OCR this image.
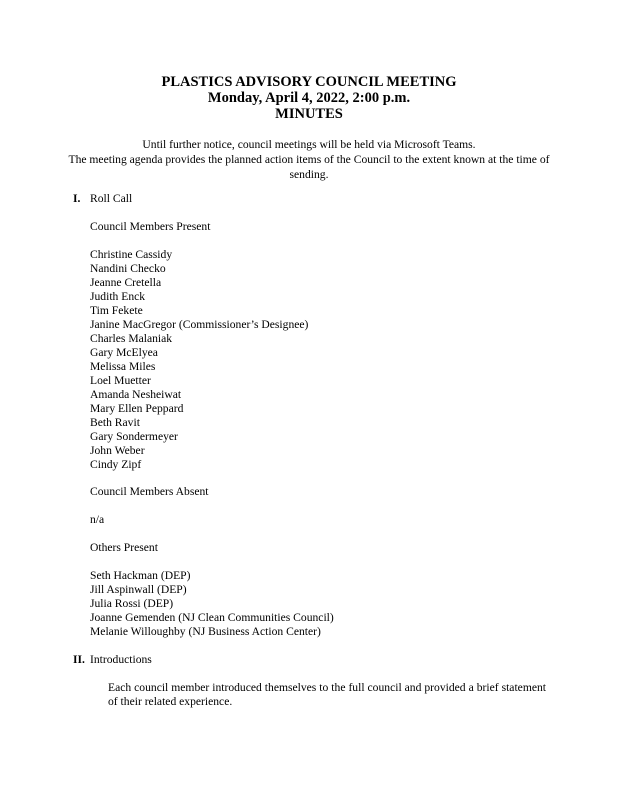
PLASTICS ADVISORY COUNCIL MEETING
Monday, April 4, 2022, 2:00 p.m.
MINUTES
Until further notice, council meetings will be held via Microsoft Teams.
The meeting agenda provides the planned action items of the Council to the extent known at the time of sending.
I. Roll Call
Council Members Present
Christine Cassidy
Nandini Checko
Jeanne Cretella
Judith Enck
Tim Fekete
Janine MacGregor (Commissioner’s Designee)
Charles Malaniak
Gary McElyea
Melissa Miles
Loel Muetter
Amanda Nesheiwat
Mary Ellen Peppard
Beth Ravit
Gary Sondermeyer
John Weber
Cindy Zipf
Council Members Absent
n/a
Others Present
Seth Hackman (DEP)
Jill Aspinwall (DEP)
Julia Rossi (DEP)
Joanne Gemenden (NJ Clean Communities Council)
Melanie Willoughby (NJ Business Action Center)
II. Introductions
Each council member introduced themselves to the full council and provided a brief statement of their related experience.
